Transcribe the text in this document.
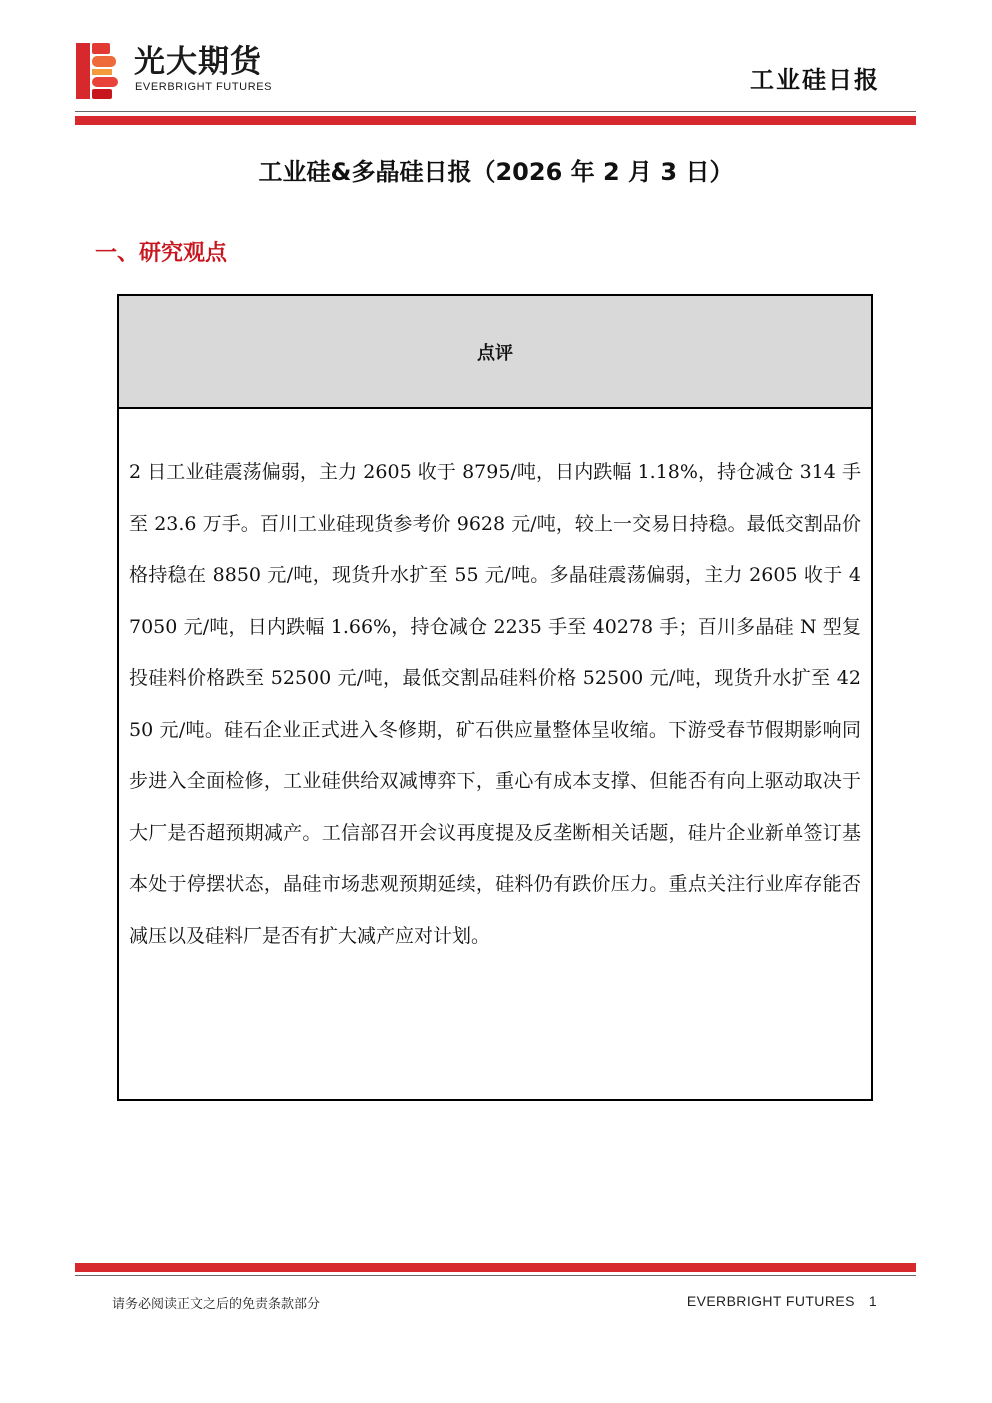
光大期货
EVERBRIGHT FUTURES	工业硅日报
工业硅&多晶硅日报（2026 年 2 月 3 日）
一、研究观点
点评
2 日工业硅震荡偏弱，主力 2605 收于 8795/吨，日内跌幅 1.18%，持仓减仓 314 手至 23.6 万手。百川工业硅现货参考价 9628 元/吨，较上一交易日持稳。最低交割品价格持稳在 8850 元/吨，现货升水扩至 55 元/吨。多晶硅震荡偏弱，主力 2605 收于 47050 元/吨，日内跌幅 1.66%，持仓减仓 2235 手至 40278 手；百川多晶硅 N 型复投硅料价格跌至 52500 元/吨，最低交割品硅料价格 52500 元/吨，现货升水扩至 4250 元/吨。硅石企业正式进入冬修期，矿石供应量整体呈收缩。下游受春节假期影响同步进入全面检修，工业硅供给双减博弈下，重心有成本支撑、但能否有向上驱动取决于大厂是否超预期减产。工信部召开会议再度提及反垄断相关话题，硅片企业新单签订基本处于停摆状态，晶硅市场悲观预期延续，硅料仍有跌价压力。重点关注行业库存能否减压以及硅料厂是否有扩大减产应对计划。
请务必阅读正文之后的免责条款部分	EVERBRIGHT FUTURES 1
